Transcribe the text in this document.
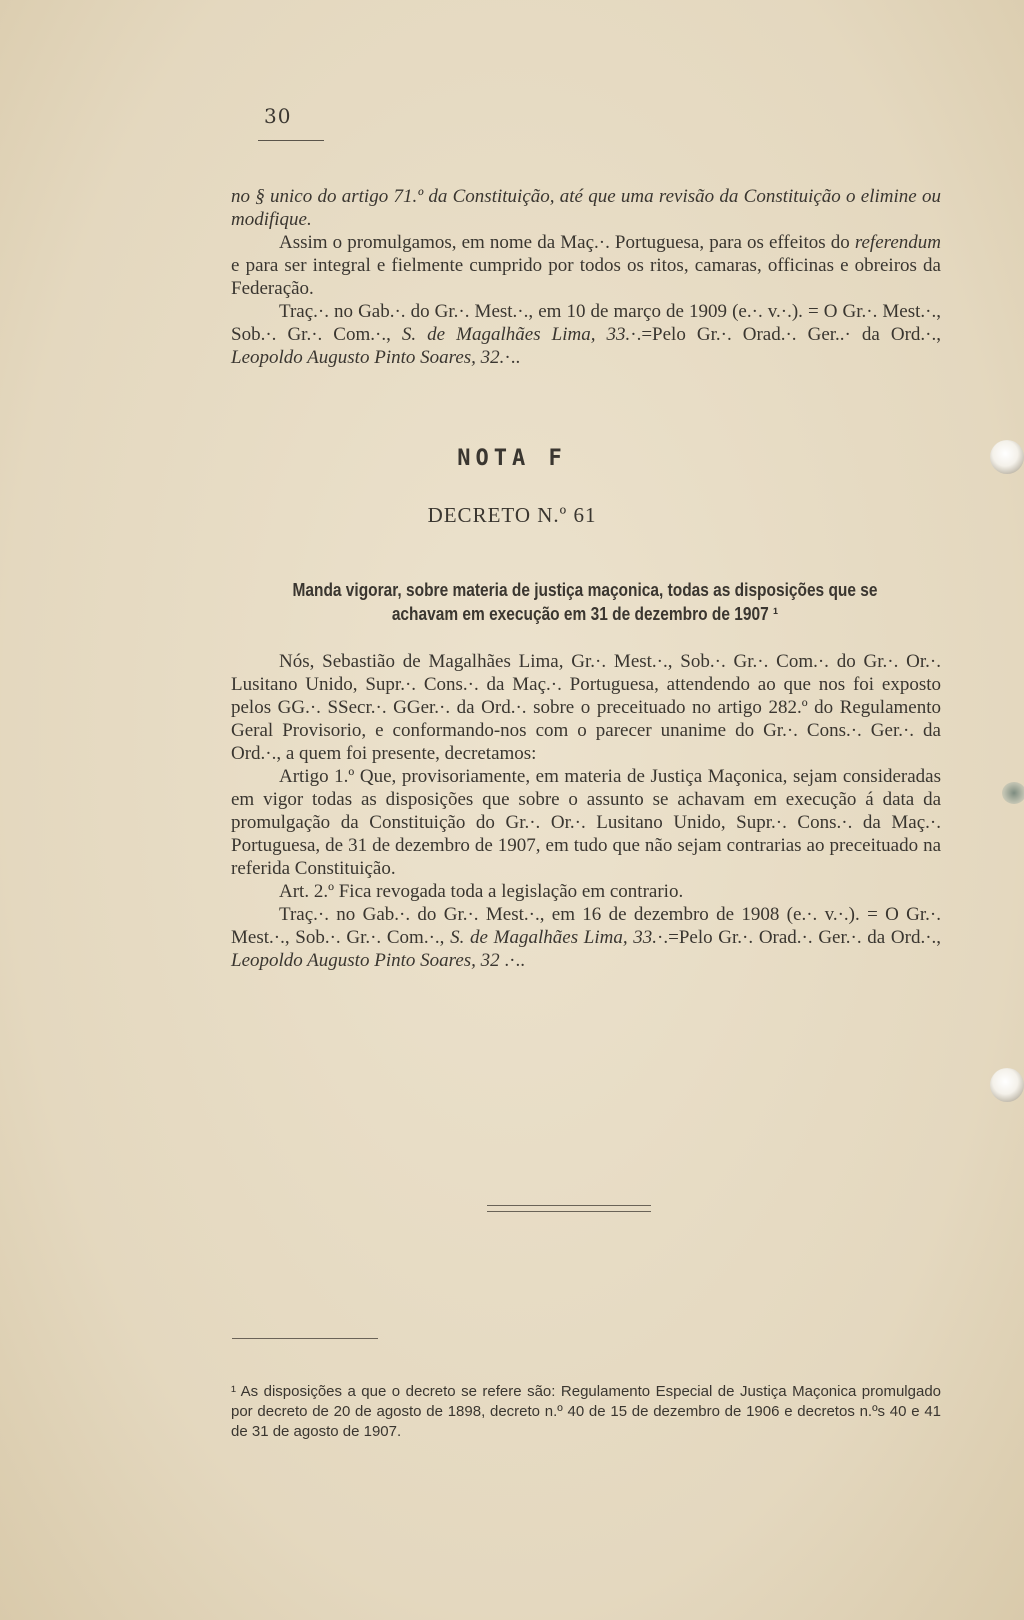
30

no § unico do artigo 71.º da Constituição, até que uma revisão da Constituição o elimine ou modifique.

Assim o promulgamos, em nome da Maç.·. Portuguesa, para os effeitos do referendum e para ser integral e fielmente cumprido por todos os ritos, camaras, officinas e obreiros da Federação.

Traç.·. no Gab.·. do Gr.·. Mest.·., em 10 de março de 1909 (e.·. v.·.). = O Gr.·. Mest.·., Sob.·. Gr.·. Com.·., S. de Magalhães Lima, 33.·.=Pelo Gr.·. Orad.·. Ger..· da Ord.·., Leopoldo Augusto Pinto Soares, 32.·..

NOTA F
DECRETO N.º 61
Manda vigorar, sobre materia de justiça maçonica, todas as disposições que se achavam em execução em 31 de dezembro de 1907 ¹

Nós, Sebastião de Magalhães Lima, Gr.·. Mest.·., Sob.·. Gr.·. Com.·. do Gr.·. Or.·. Lusitano Unido, Supr.·. Cons.·. da Maç.·. Portuguesa, attendendo ao que nos foi exposto pelos GG.·. SSecr.·. GGer.·. da Ord.·. sobre o preceituado no artigo 282.º do Regulamento Geral Provisorio, e conformando-nos com o parecer unanime do Gr.·. Cons.·. Ger.·. da Ord.·., a quem foi presente, decretamos:

Artigo 1.º Que, provisoriamente, em materia de Justiça Maçonica, sejam consideradas em vigor todas as disposições que sobre o assunto se achavam em execução á data da promulgação da Constituição do Gr.·. Or.·. Lusitano Unido, Supr.·. Cons.·. da Maç.·. Portuguesa, de 31 de dezembro de 1907, em tudo que não sejam contrarias ao preceituado na referida Constituição.

Art. 2.º Fica revogada toda a legislação em contrario.

Traç.·. no Gab.·. do Gr.·. Mest.·., em 16 de dezembro de 1908 (e.·. v.·.). = O Gr.·. Mest.·., Sob.·. Gr.·. Com.·., S. de Magalhães Lima, 33.·.=Pelo Gr.·. Orad.·. Ger.·. da Ord.·., Leopoldo Augusto Pinto Soares, 32 .·..

¹ As disposições a que o decreto se refere são: Regulamento Especial de Justiça Maçonica promulgado por decreto de 20 de agosto de 1898, decreto n.º 40 de 15 de dezembro de 1906 e decretos n.ºs 40 e 41 de 31 de agosto de 1907.
